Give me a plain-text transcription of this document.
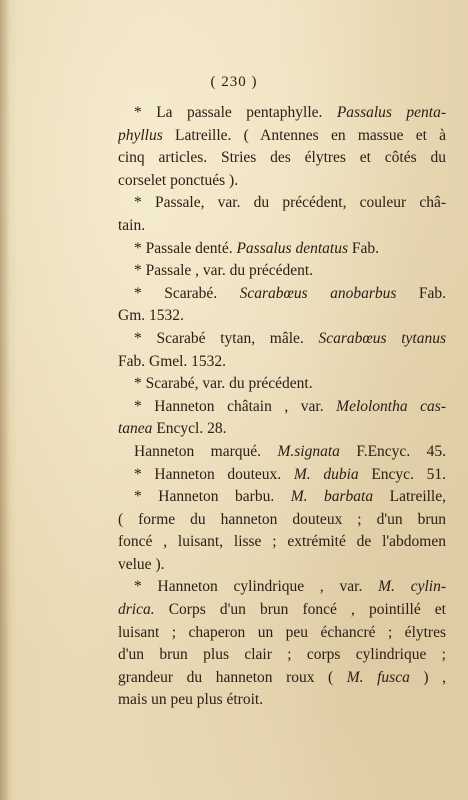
( 230 )
* La passale pentaphylle. Passalus penta-
phyllus Latreille. ( Antennes en massue et à
cinq articles. Stries des élytres et côtés du
corselet ponctués ).
* Passale, var. du précédent, couleur châ-
tain.
* Passale denté. Passalus dentatus Fab.
* Passale , var. du précédent.
* Scarabé. Scarabœus anobarbus Fab.
Gm. 1532.
* Scarabé tytan, mâle. Scarabœus tytanus
Fab. Gmel. 1532.
* Scarabé, var. du précédent.
* Hanneton châtain , var. Melolontha cas-
tanea Encycl. 28.
Hanneton marqué. M.signata F.Encyc. 45.
* Hanneton douteux. M. dubia Encyc. 51.
* Hanneton barbu. M. barbata Latreille,
( forme du hanneton douteux ; d'un brun
foncé , luisant, lisse ; extrémité de l'abdomen
velue ).
* Hanneton cylindrique , var. M. cylin-
drica. Corps d'un brun foncé , pointillé et
luisant ; chaperon un peu échancré ; élytres
d'un brun plus clair ; corps cylindrique ;
grandeur du hanneton roux ( M. fusca ) ,
mais un peu plus étroit.
